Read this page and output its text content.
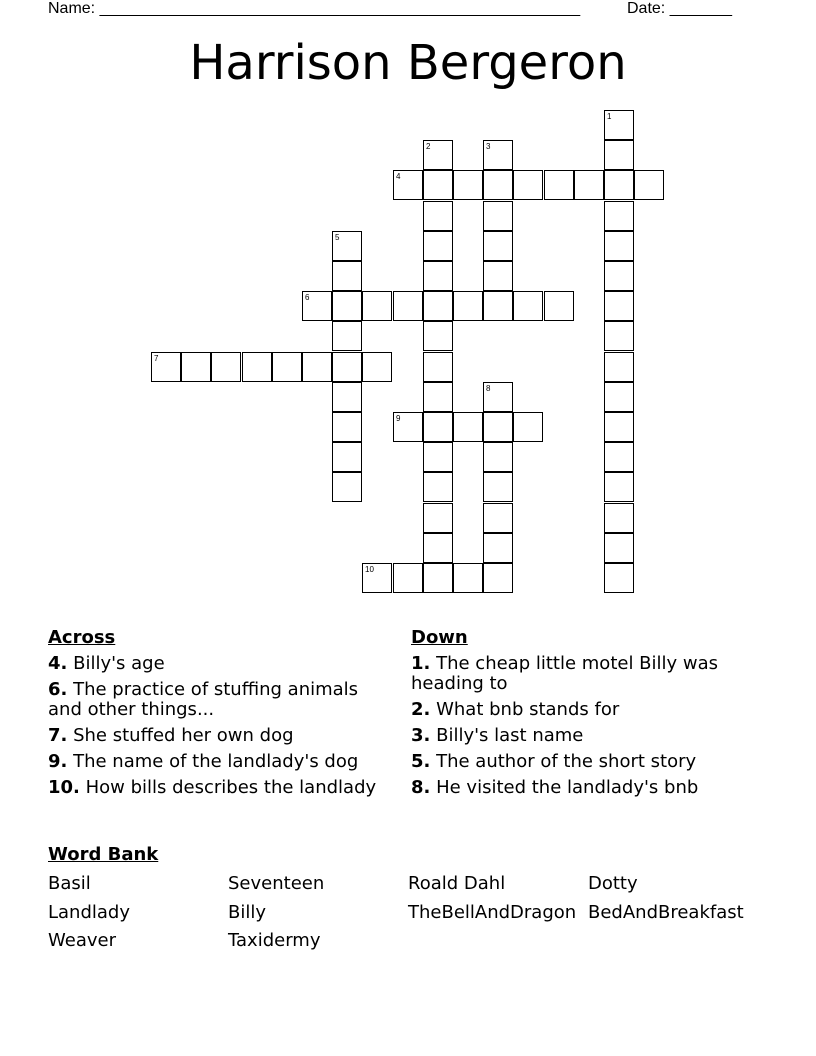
Name: ______________________________________________________	Date: _______
Harrison Bergeron
1
2	3
4
5
6
7
8
9
10
Across
4. Billy's age
6. The practice of stuffing animals and other things...
7. She stuffed her own dog
9. The name of the landlady's dog
10. How bills describes the landlady
Down
1. The cheap little motel Billy was heading to
2. What bnb stands for
3. Billy's last name
5. The author of the short story
8. He visited the landlady's bnb
Word Bank
Basil	Seventeen	Roald Dahl	Dotty
Landlady	Billy	TheBellAndDragon BedAndBreakfast
Weaver	Taxidermy
